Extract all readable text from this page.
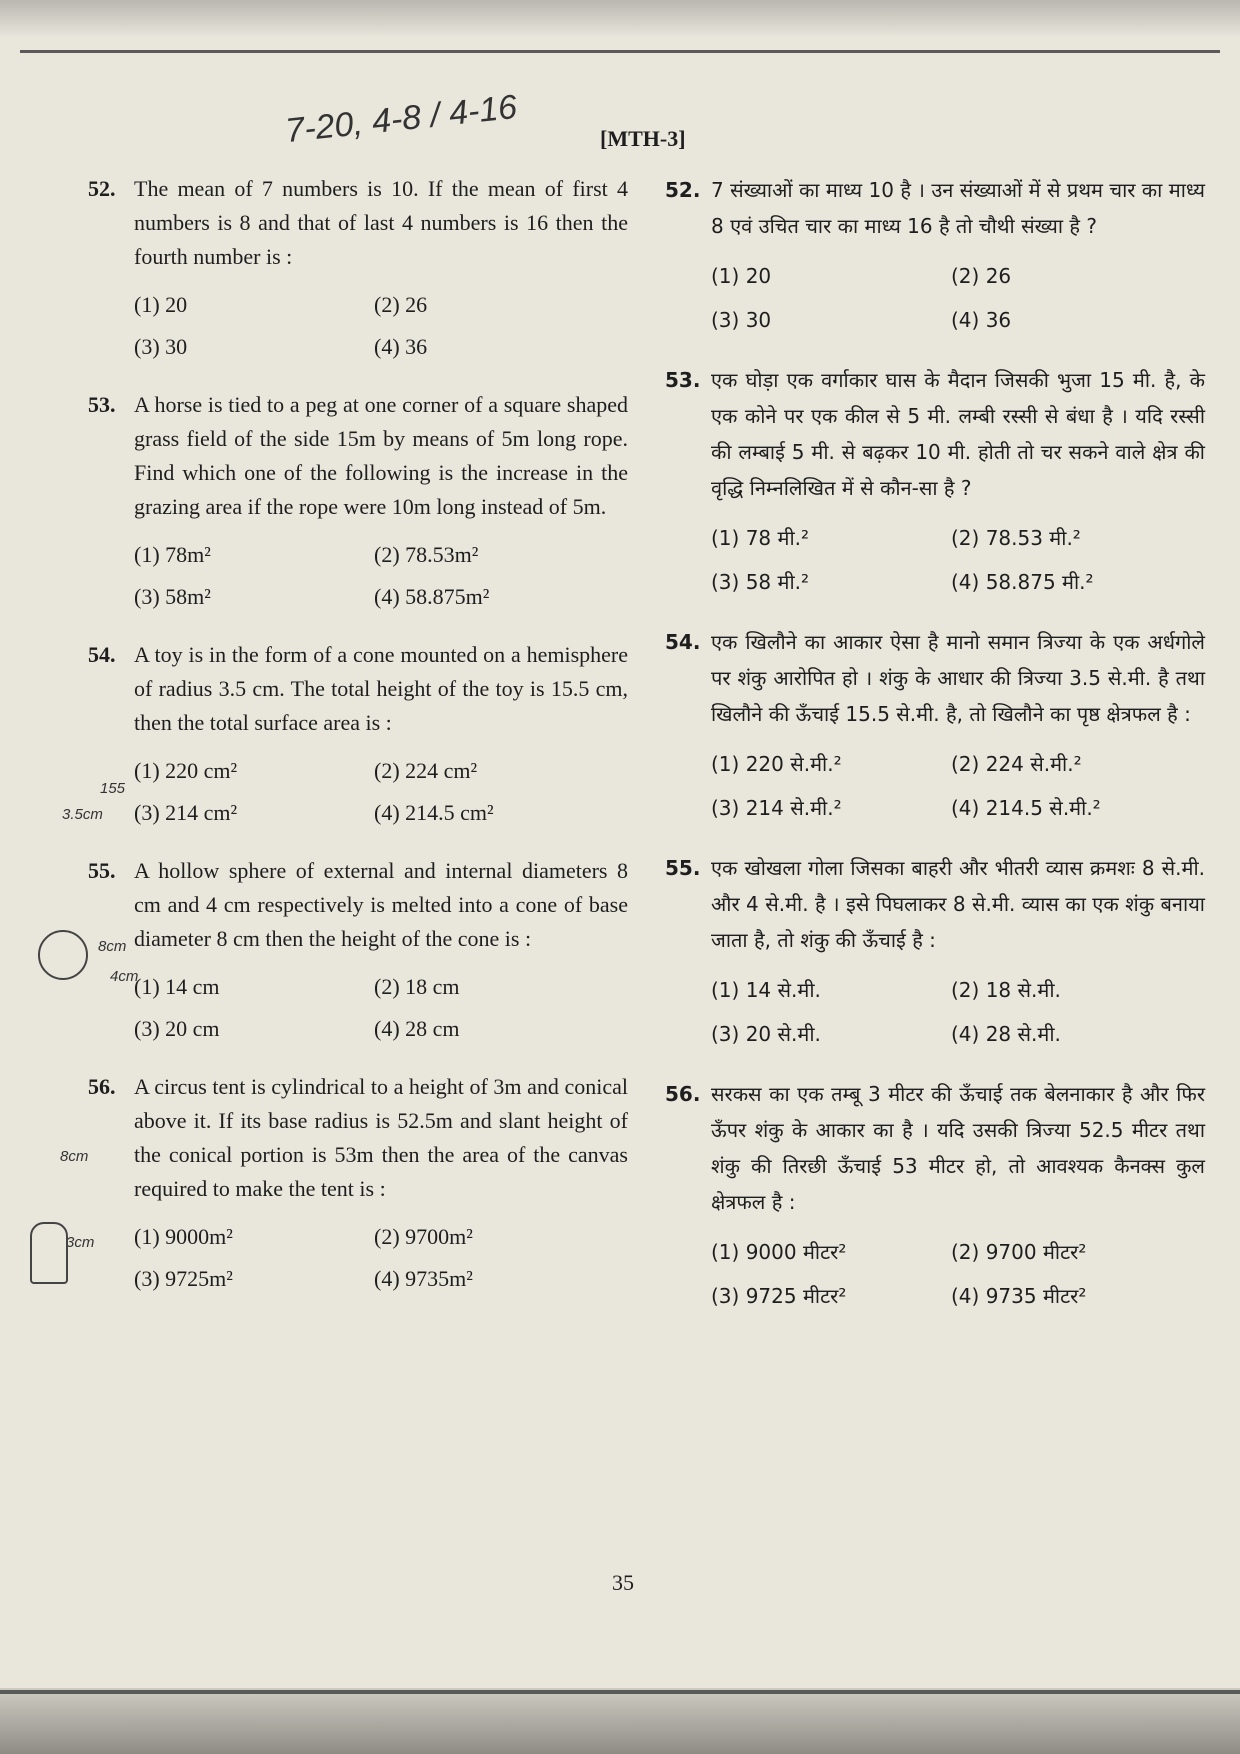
7-20, 4-8 / 4-16	[MTH-3]
155
3.5cm
8cm
4cm
8cm
3cm
52. The mean of 7 numbers is 10. If the mean of first 4 numbers is 8 and that of last 4 numbers is 16 then the fourth number is :
(1) 20	(2) 26
(3) 30	(4) 36
53. A horse is tied to a peg at one corner of a square shaped grass field of the side 15m by means of 5m long rope. Find which one of the following is the increase in the grazing area if the rope were 10m long instead of 5m.
(1) 78m²	(2) 78.53m²
(3) 58m²	(4) 58.875m²
54. A toy is in the form of a cone mounted on a hemisphere of radius 3.5 cm. The total height of the toy is 15.5 cm, then the total surface area is :
(1) 220 cm²	(2) 224 cm²
(3) 214 cm²	(4) 214.5 cm²
55. A hollow sphere of external and internal diameters 8 cm and 4 cm respectively is melted into a cone of base diameter 8 cm then the height of the cone is :
(1) 14 cm	(2) 18 cm
(3) 20 cm	(4) 28 cm
56. A circus tent is cylindrical to a height of 3m and conical above it. If its base radius is 52.5m and slant height of the conical portion is 53m then the area of the canvas required to make the tent is :
(1) 9000m²	(2) 9700m²
(3) 9725m²	(4) 9735m²
52. 7 संख्याओं का माध्य 10 है । उन संख्याओं में से प्रथम चार का माध्य 8 एवं उचित चार का माध्य 16 है तो चौथी संख्या है ?
(1) 20	(2) 26
(3) 30	(4) 36
53. एक घोड़ा एक वर्गाकार घास के मैदान जिसकी भुजा 15 मी. है, के एक कोने पर एक कील से 5 मी. लम्बी रस्सी से बंधा है । यदि रस्सी की लम्बाई 5 मी. से बढ़कर 10 मी. होती तो चर सकने वाले क्षेत्र की वृद्धि निम्नलिखित में से कौन-सा है ?
(1) 78 मी.²	(2) 78.53 मी.²
(3) 58 मी.²	(4) 58.875 मी.²
54. एक खिलौने का आकार ऐसा है मानो समान त्रिज्या के एक अर्धगोले पर शंकु आरोपित हो । शंकु के आधार की त्रिज्या 3.5 से.मी. है तथा खिलौने की ऊँचाई 15.5 से.मी. है, तो खिलौने का पृष्ठ क्षेत्रफल है :
(1) 220 से.मी.²	(2) 224 से.मी.²
(3) 214 से.मी.²	(4) 214.5 से.मी.²
55. एक खोखला गोला जिसका बाहरी और भीतरी व्यास क्रमशः 8 से.मी. और 4 से.मी. है । इसे पिघलाकर 8 से.मी. व्यास का एक शंकु बनाया जाता है, तो शंकु की ऊँचाई है :
(1) 14 से.मी.	(2) 18 से.मी.
(3) 20 से.मी.	(4) 28 से.मी.
56. सरकस का एक तम्बू 3 मीटर की ऊँचाई तक बेलनाकार है और फिर ऊँपर शंकु के आकार का है । यदि उसकी त्रिज्या 52.5 मीटर तथा शंकु की तिरछी ऊँचाई 53 मीटर हो, तो आवश्यक कैनक्स कुल क्षेत्रफल है :
(1) 9000 मीटर²	(2) 9700 मीटर²
(3) 9725 मीटर²	(4) 9735 मीटर²
35
